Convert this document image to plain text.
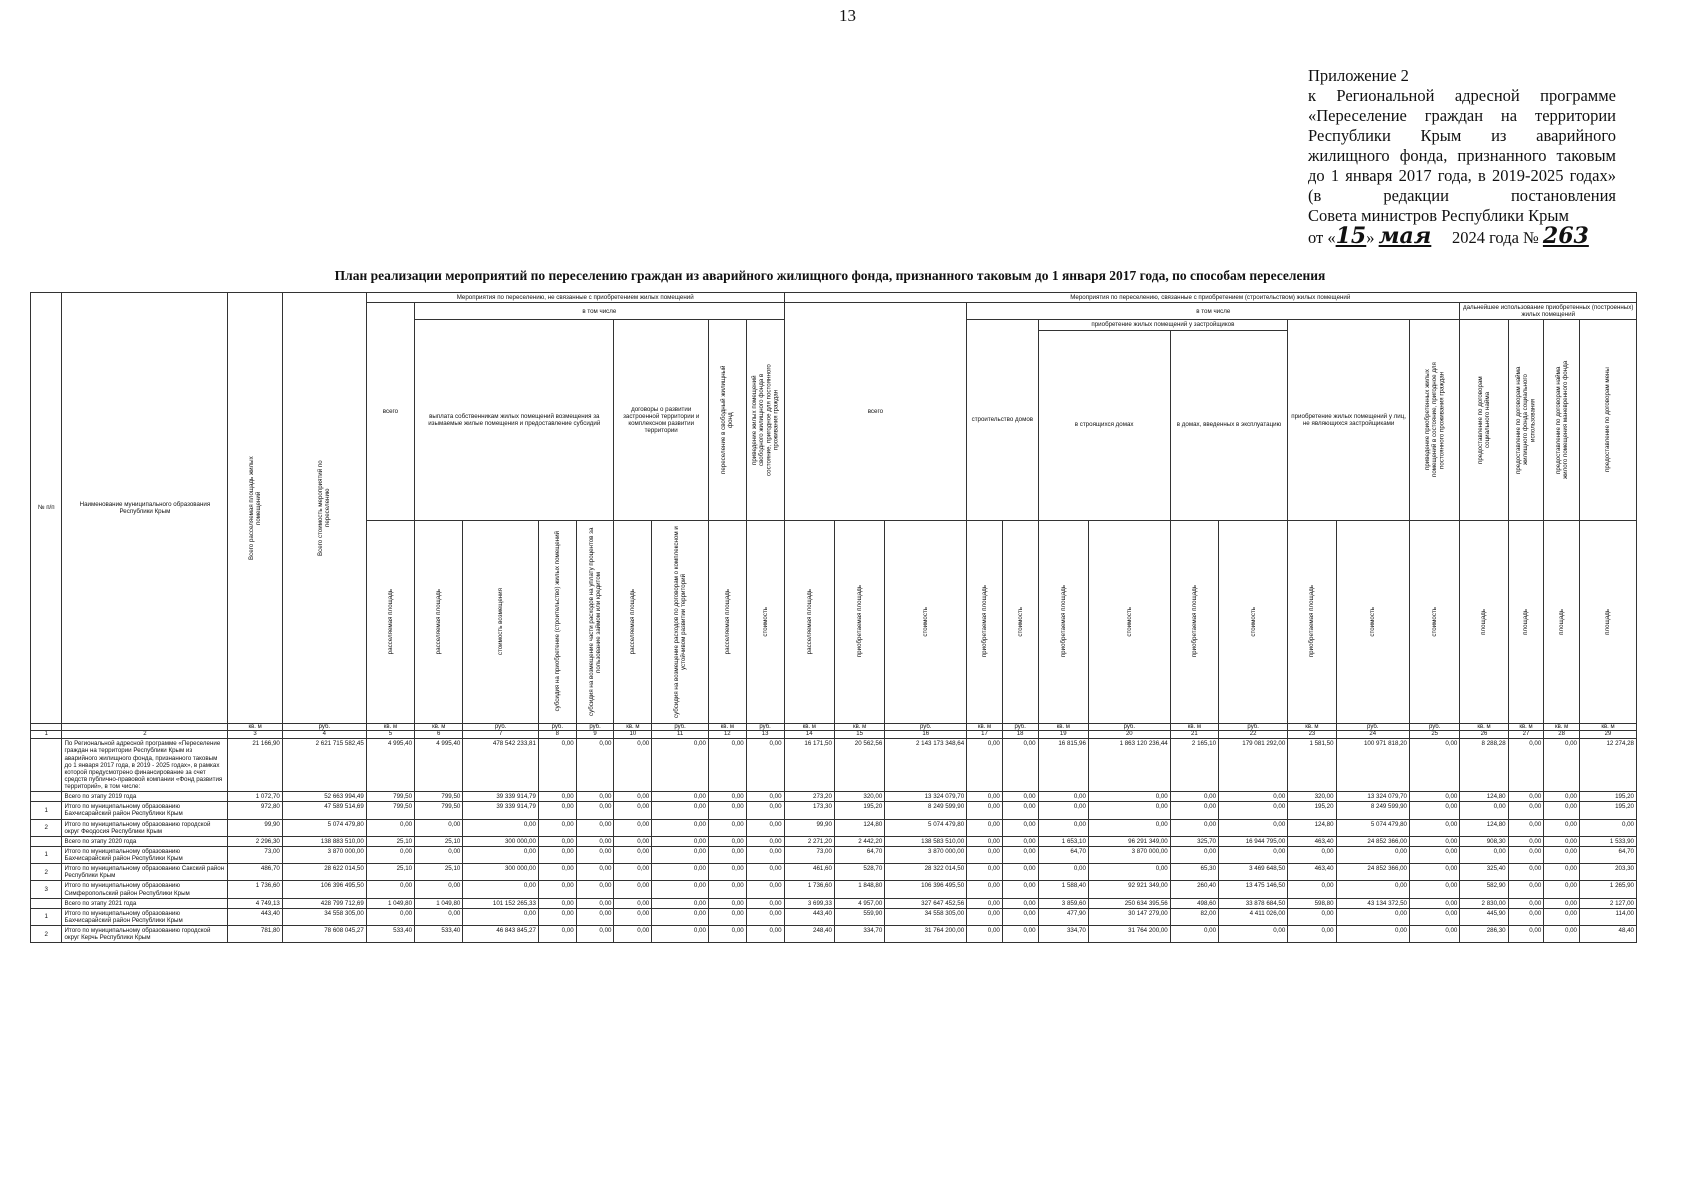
13
Приложение 2
к Региональной адресной программе
«Переселение граждан на территории
Республики Крым из аварийного
жилищного фонда, признанного таковым
до 1 января 2017 года, в 2019-2025 годах»
(в редакции постановления
Совета министров Республики Крым
от «15» мая 2024 года № 263
План реализации мероприятий по переселению граждан из аварийного жилищного фонда, признанного таковым до 1 января 2017 года, по способам переселения
№ п/п	Наименование муниципального образования Республики Крым	Всего расселяемая площадь жилых помещений	Всего стоимость мероприятий по переселению	Мероприятия по переселению, не связанные с приобретением жилых помещений									Мероприятия по переселению, связанные с приобретением (строительством) жилых помещений															
				всего	в том числе								всего			в том числе									дальнейшее использование приобретенных (построенных) жилых помещений			
					выплата собственникам жилых помещений возмещения за изымаемые жилые помещения и предоставление субсидий				договоры о развитии застроенной территории и комплексном развитии территории		переселение в свободный жилищный фонд	приведение жилых помещений свободного жилищного фонда в состояние, пригодное для постоянного проживания граждан				строительство домов		приобретение жилых помещений у застройщиков				приобретение жилых помещений у лиц, не являющихся застройщиками		приведение приобретенных жилых помещений в состояние, пригодное для постоянного проживания граждан	предоставление по договорам социального найма	предоставление по договорам найма жилищного фонда социального использования	предоставление по договорам найма жилого помещения маневренного фонда	предоставление по договорам мены

																		в строящихся домах		в домах, введенных в эксплуатацию								

				расселяемая площадь	расселяемая площадь	стоимость возмещения	субсидия на приобретение (строительство) жилых помещений	субсидия на возмещение части расходов на уплату процентов за пользование займом или кредитом	расселяемая площадь	субсидия на возмещение расходов по договорам о комплексном и устойчивом развитии территорий	расселяемая площадь	стоимость	расселяемая площадь	приобретаемая площадь	стоимость	приобретаемая площадь	стоимость	приобретаемая площадь	стоимость	приобретаемая площадь	стоимость	приобретаемая площадь	стоимость	стоимость	площадь	площадь	площадь	площадь

		кв. м	руб.	кв. м	кв. м	руб.	руб.	руб.	кв. м	руб.	кв. м	руб.	кв. м	кв. м	руб.	кв. м	руб.	кв. м	руб.	кв. м	руб.	кв. м	руб.	руб.	кв. м	кв. м	кв. м	кв. м
1	2	3	4	5	6	7	8	9	10	11	12	13	14	15	16	17	18	19	20	21	22	23	24	25	26	27	28	29
	По Региональной адресной программе «Переселение граждан на территории Республики Крым из аварийного жилищного фонда, признанного таковым до 1 января 2017 года, в 2019 - 2025 годах», в рамках которой предусмотрено финансирование за счет средств публично-правовой компании «Фонд развития территорий», в том числе:	21 166,90	2 621 715 582,45	4 995,40	4 995,40	478 542 233,81	0,00	0,00	0,00	0,00	0,00	0,00	16 171,50	20 562,56	2 143 173 348,64	0,00	0,00	16 815,96	1 863 120 236,44	2 165,10	179 081 292,00	1 581,50	100 971 818,20	0,00	8 288,28	0,00	0,00	12 274,28
	Всего по этапу 2019 года	1 072,70	52 663 994,49	799,50	799,50	39 339 914,79	0,00	0,00	0,00	0,00	0,00	0,00	273,20	320,00	13 324 079,70	0,00	0,00	0,00	0,00	0,00	0,00	320,00	13 324 079,70	0,00	124,80	0,00	0,00	195,20
1	Итого по муниципальному образованию Бахчисарайский район Республики Крым	972,80	47 589 514,69	799,50	799,50	39 339 914,79	0,00	0,00	0,00	0,00	0,00	0,00	173,30	195,20	8 249 599,90	0,00	0,00	0,00	0,00	0,00	0,00	195,20	8 249 599,90	0,00	0,00	0,00	0,00	195,20
2	Итого по муниципальному образованию городской округ Феодосия Республики Крым	99,90	5 074 479,80	0,00	0,00	0,00	0,00	0,00	0,00	0,00	0,00	0,00	99,90	124,80	5 074 479,80	0,00	0,00	0,00	0,00	0,00	0,00	124,80	5 074 479,80	0,00	124,80	0,00	0,00	0,00
	Всего по этапу 2020 года	2 296,30	138 883 510,00	25,10	25,10	300 000,00	0,00	0,00	0,00	0,00	0,00	0,00	2 271,20	2 442,20	138 583 510,00	0,00	0,00	1 653,10	96 291 349,00	325,70	16 944 795,00	463,40	24 852 366,00	0,00	908,30	0,00	0,00	1 533,90
1	Итого по муниципальному образованию Бахчисарайский район Республики Крым	73,00	3 870 000,00	0,00	0,00	0,00	0,00	0,00	0,00	0,00	0,00	0,00	73,00	64,70	3 870 000,00	0,00	0,00	64,70	3 870 000,00	0,00	0,00	0,00	0,00	0,00	0,00	0,00	0,00	64,70
2	Итого по муниципальному образованию Сакский район Республики Крым	486,70	28 622 014,50	25,10	25,10	300 000,00	0,00	0,00	0,00	0,00	0,00	0,00	461,60	528,70	28 322 014,50	0,00	0,00	0,00	0,00	65,30	3 469 648,50	463,40	24 852 366,00	0,00	325,40	0,00	0,00	203,30
3	Итого по муниципальному образованию Симферопольский район Республики Крым	1 736,60	106 396 495,50	0,00	0,00	0,00	0,00	0,00	0,00	0,00	0,00	0,00	1 736,60	1 848,80	106 396 495,50	0,00	0,00	1 588,40	92 921 349,00	260,40	13 475 146,50	0,00	0,00	0,00	582,90	0,00	0,00	1 265,90
	Всего по этапу 2021 года	4 749,13	428 799 712,69	1 049,80	1 049,80	101 152 265,33	0,00	0,00	0,00	0,00	0,00	0,00	3 699,33	4 957,00	327 647 452,56	0,00	0,00	3 859,60	250 634 395,56	498,60	33 878 684,50	598,80	43 134 372,50	0,00	2 830,00	0,00	0,00	2 127,00
1	Итого по муниципальному образованию Бахчисарайский район Республики Крым	443,40	34 558 305,00	0,00	0,00	0,00	0,00	0,00	0,00	0,00	0,00	0,00	443,40	559,90	34 558 305,00	0,00	0,00	477,90	30 147 279,00	82,00	4 411 026,00	0,00	0,00	0,00	445,90	0,00	0,00	114,00
2	Итого по муниципальному образованию городской округ Керчь Республики Крым	781,80	78 608 045,27	533,40	533,40	46 843 845,27	0,00	0,00	0,00	0,00	0,00	0,00	248,40	334,70	31 764 200,00	0,00	0,00	334,70	31 764 200,00	0,00	0,00	0,00	0,00	0,00	286,30	0,00	0,00	48,40
